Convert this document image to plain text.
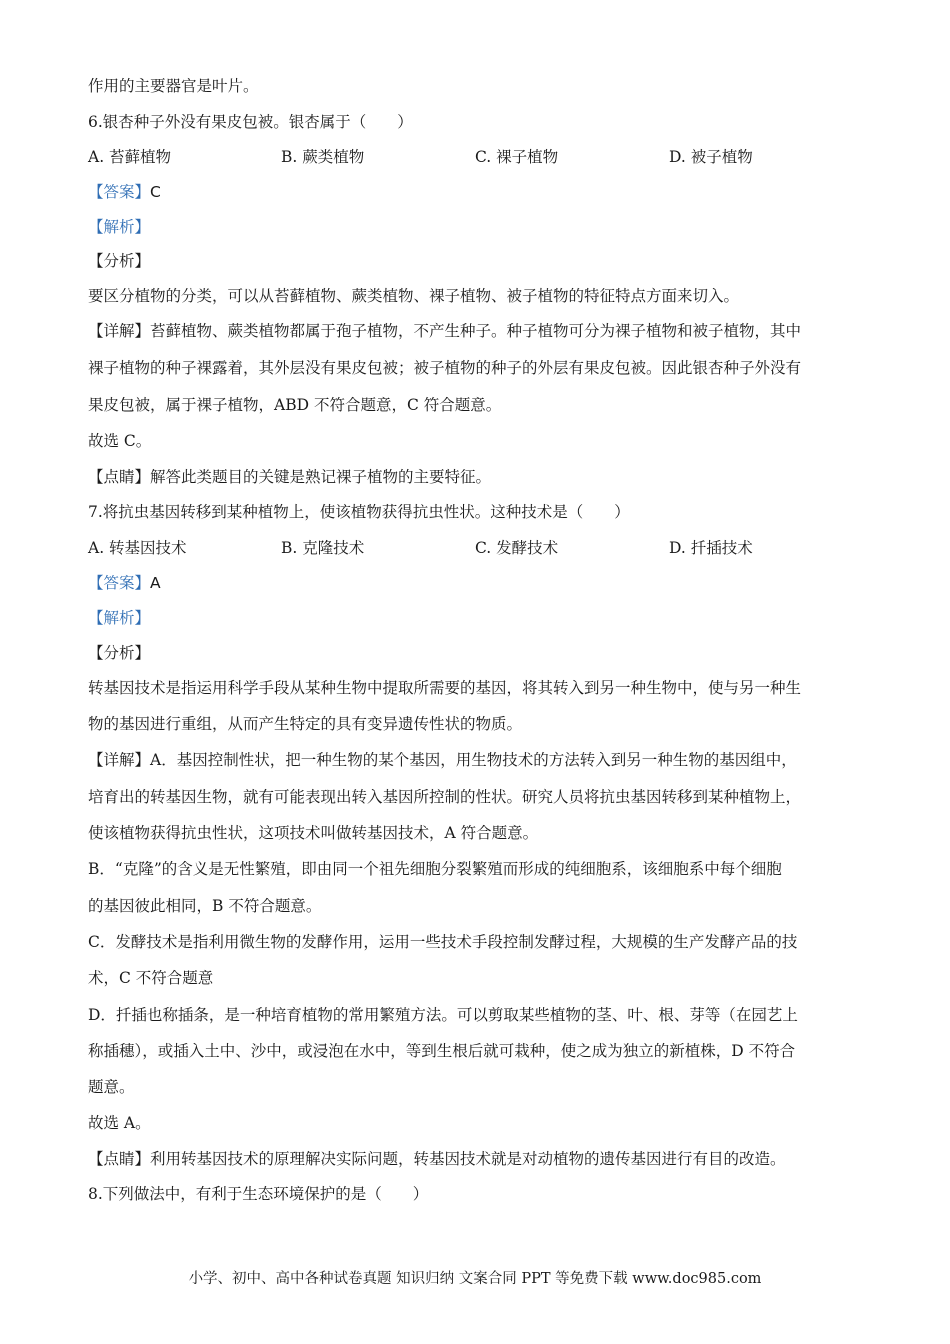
作用的主要器官是叶片。
6.银杏种子外没有果皮包被。银杏属于（　　）
A. 苔藓植物	B. 蕨类植物	C. 裸子植物	D. 被子植物
【答案】C
【解析】
【分析】
要区分植物的分类，可以从苔藓植物、蕨类植物、裸子植物、被子植物的特征特点方面来切入。
【详解】苔藓植物、蕨类植物都属于孢子植物，不产生种子。种子植物可分为裸子植物和被子植物，其中
裸子植物的种子裸露着，其外层没有果皮包被；被子植物的种子的外层有果皮包被。因此银杏种子外没有
果皮包被，属于裸子植物，ABD 不符合题意，C 符合题意。
故选 C。
【点睛】解答此类题目的关键是熟记裸子植物的主要特征。
7.将抗虫基因转移到某种植物上，使该植物获得抗虫性状。这种技术是（　　）
A. 转基因技术	B. 克隆技术	C. 发酵技术	D. 扦插技术
【答案】A
【解析】
【分析】
转基因技术是指运用科学手段从某种生物中提取所需要的基因，将其转入到另一种生物中，使与另一种生
物的基因进行重组，从而产生特定的具有变异遗传性状的物质。
【详解】A．基因控制性状，把一种生物的某个基因，用生物技术的方法转入到另一种生物的基因组中，
培育出的转基因生物，就有可能表现出转入基因所控制的性状。研究人员将抗虫基因转移到某种植物上，
使该植物获得抗虫性状，这项技术叫做转基因技术，A 符合题意。
B．“克隆”的含义是无性繁殖，即由同一个祖先细胞分裂繁殖而形成的纯细胞系，该细胞系中每个细胞
的基因彼此相同，B 不符合题意。
C．发酵技术是指利用微生物的发酵作用，运用一些技术手段控制发酵过程，大规模的生产发酵产品的技
术，C 不符合题意
D．扦插也称插条，是一种培育植物的常用繁殖方法。可以剪取某些植物的茎、叶、根、芽等（在园艺上
称插穗），或插入土中、沙中，或浸泡在水中，等到生根后就可栽种，使之成为独立的新植株，D 不符合
题意。
故选 A。
【点睛】利用转基因技术的原理解决实际问题，转基因技术就是对动植物的遗传基因进行有目的改造。
8.下列做法中，有利于生态环境保护的是（　　）
小学、初中、高中各种试卷真题 知识归纳 文案合同 PPT 等免费下载 www.doc985.com
